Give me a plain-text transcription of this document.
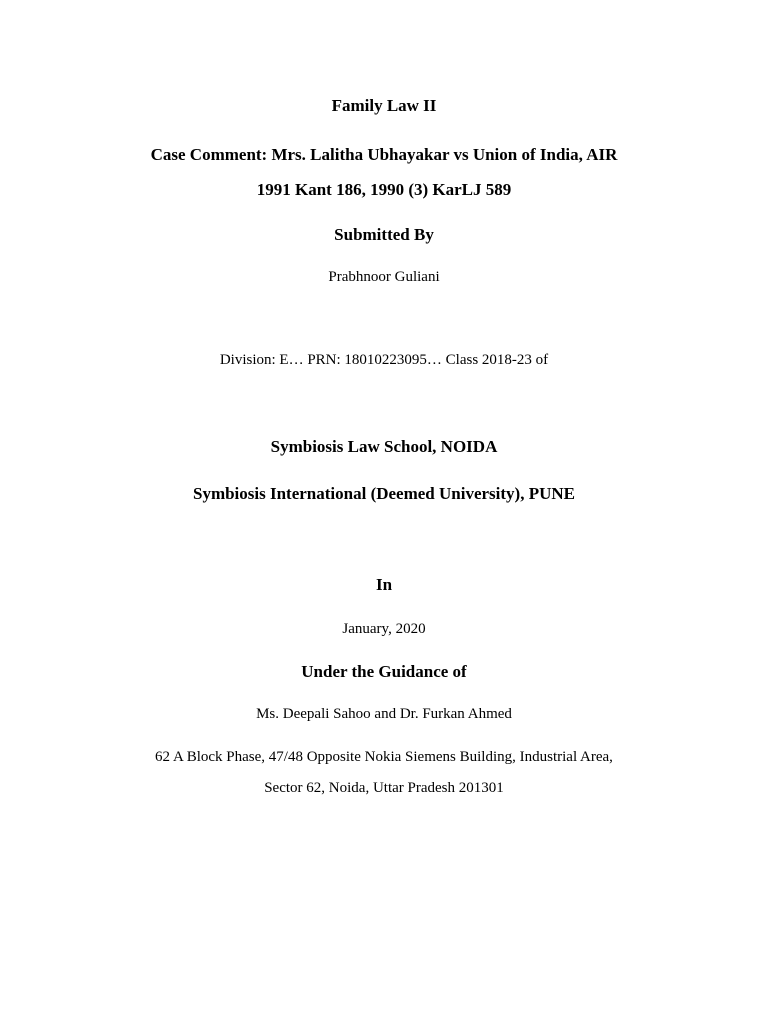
Family Law II
Case Comment: Mrs. Lalitha Ubhayakar vs Union of India, AIR
1991 Kant 186, 1990 (3) KarLJ 589
Submitted By
Prabhnoor Guliani
Division: E… PRN: 18010223095… Class 2018-23 of
Symbiosis Law School, NOIDA
Symbiosis International (Deemed University), PUNE
In
January, 2020
Under the Guidance of
Ms. Deepali Sahoo and Dr. Furkan Ahmed
62 A Block Phase, 47/48 Opposite Nokia Siemens Building, Industrial Area,
Sector 62, Noida, Uttar Pradesh 201301
